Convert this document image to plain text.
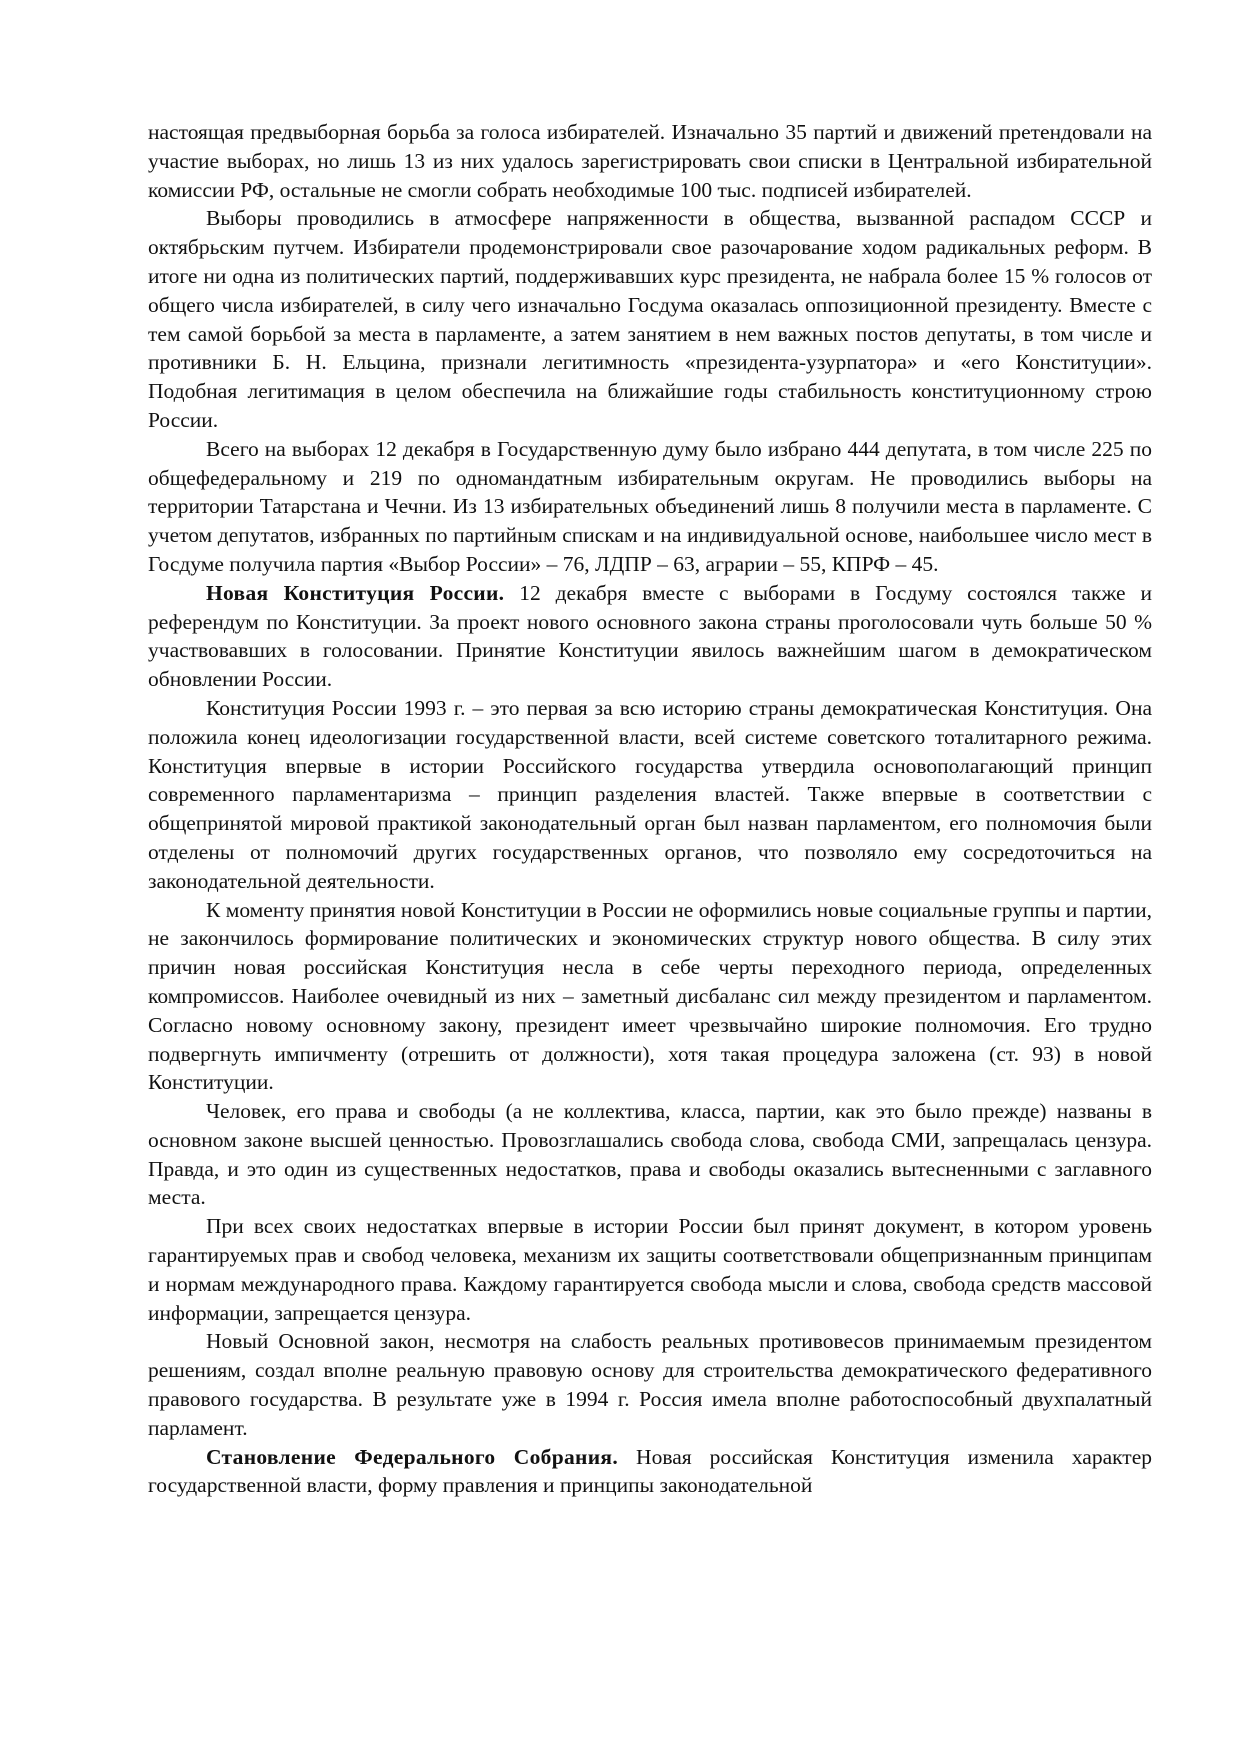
настоящая предвыборная борьба за голоса избирателей. Изначально 35 партий и движений претендовали на участие выборах, но лишь 13 из них удалось зарегистрировать свои списки в Центральной избирательной комиссии РФ, остальные не смогли собрать необходимые 100 тыс. подписей избирателей.

Выборы проводились в атмосфере напряженности в общества, вызванной распадом СССР и октябрьским путчем. Избиратели продемонстрировали свое разочарование ходом радикальных реформ. В итоге ни одна из политических партий, поддерживавших курс президента, не набрала более 15 % голосов от общего числа избирателей, в силу чего изначально Госдума оказалась оппозиционной президенту. Вместе с тем самой борьбой за места в парламенте, а затем занятием в нем важных постов депутаты, в том числе и противники Б. Н. Ельцина, признали легитимность «президента-узурпатора» и «его Конституции». Подобная легитимация в целом обеспечила на ближайшие годы стабильность конституционному строю России.

Всего на выборах 12 декабря в Государственную думу было избрано 444 депутата, в том числе 225 по общефедеральному и 219 по одномандатным избирательным округам. Не проводились выборы на территории Татарстана и Чечни. Из 13 избирательных объединений лишь 8 получили места в парламенте. С учетом депутатов, избранных по партийным спискам и на индивидуальной основе, наибольшее число мест в Госдуме получила партия «Выбор России» – 76, ЛДПР – 63, аграрии – 55, КПРФ – 45.

Новая Конституция России. 12 декабря вместе с выборами в Госдуму состоялся также и референдум по Конституции. За проект нового основного закона страны проголосовали чуть больше 50 % участвовавших в голосовании. Принятие Конституции явилось важнейшим шагом в демократическом обновлении России.

Конституция России 1993 г. – это первая за всю историю страны демократическая Конституция. Она положила конец идеологизации государственной власти, всей системе советского тоталитарного режима. Конституция впервые в истории Российского государства утвердила основополагающий принцип современного парламентаризма – принцип разделения властей. Также впервые в соответствии с общепринятой мировой практикой законодательный орган был назван парламентом, его полномочия были отделены от полномочий других государственных органов, что позволяло ему сосредоточиться на законодательной деятельности.

К моменту принятия новой Конституции в России не оформились новые социальные группы и партии, не закончилось формирование политических и экономических структур нового общества. В силу этих причин новая российская Конституция несла в себе черты переходного периода, определенных компромиссов. Наиболее очевидный из них – заметный дисбаланс сил между президентом и парламентом. Согласно новому основному закону, президент имеет чрезвычайно широкие полномочия. Его трудно подвергнуть импичменту (отрешить от должности), хотя такая процедура заложена (ст. 93) в новой Конституции.

Человек, его права и свободы (а не коллектива, класса, партии, как это было прежде) названы в основном законе высшей ценностью. Провозглашались свобода слова, свобода СМИ, запрещалась цензура. Правда, и это один из существенных недостатков, права и свободы оказались вытесненными с заглавного места.

При всех своих недостатках впервые в истории России был принят документ, в котором уровень гарантируемых прав и свобод человека, механизм их защиты соответствовали общепризнанным принципам и нормам международного права. Каждому гарантируется свобода мысли и слова, свобода средств массовой информации, запрещается цензура.

Новый Основной закон, несмотря на слабость реальных противовесов принимаемым президентом решениям, создал вполне реальную правовую основу для строительства демократического федеративного правового государства. В результате уже в 1994 г. Россия имела вполне работоспособный двухпалатный парламент.

Становление Федерального Собрания. Новая российская Конституция изменила характер государственной власти, форму правления и принципы законодательной
